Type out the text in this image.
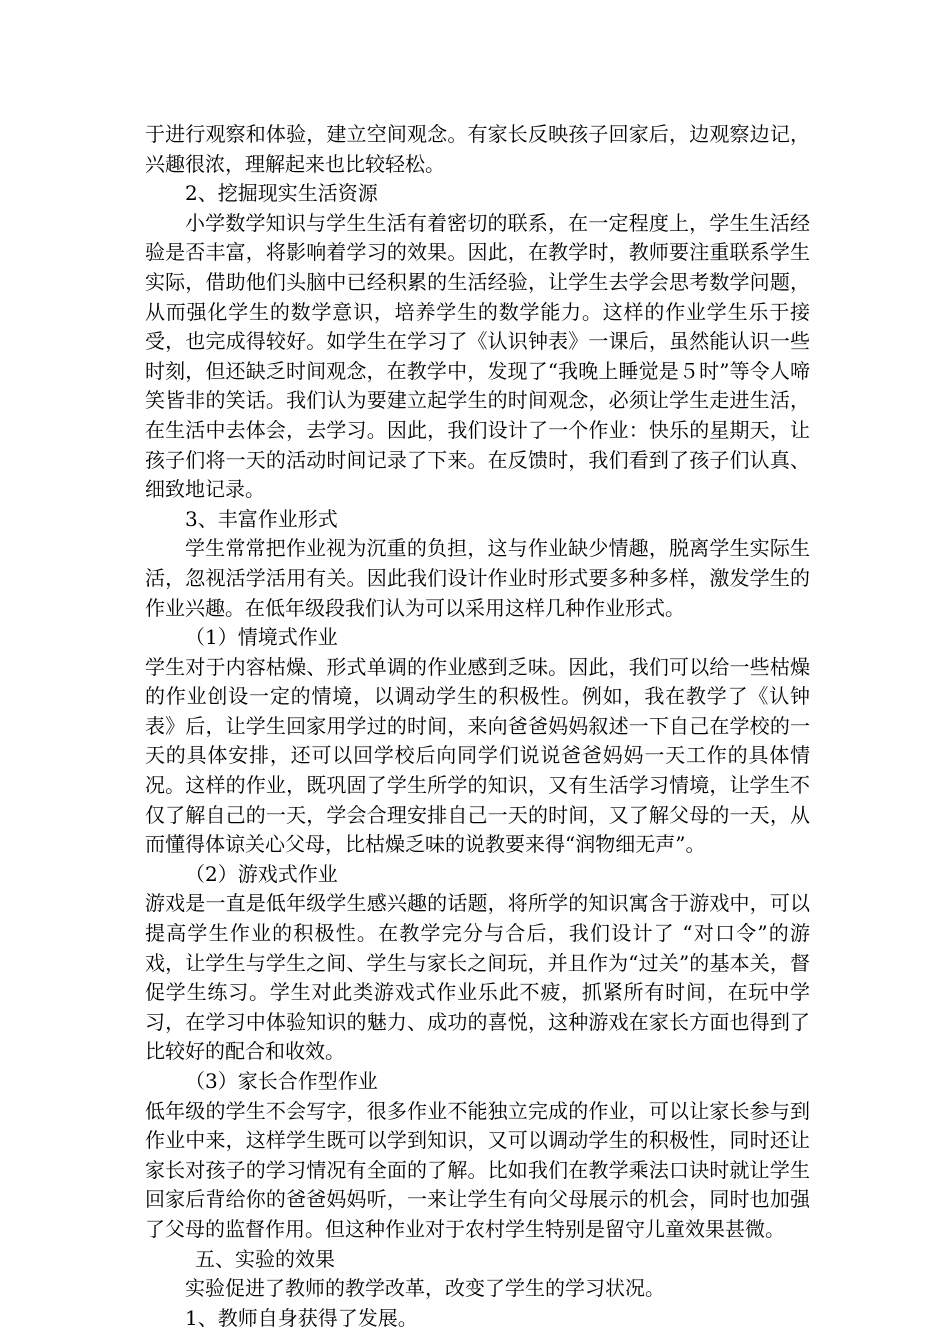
于进行观察和体验，建立空间观念。有家长反映孩子回家后，边观察边记，兴趣很浓，理解起来也比较轻松。

2、挖掘现实生活资源

小学数学知识与学生生活有着密切的联系，在一定程度上，学生生活经验是否丰富，将影响着学习的效果。因此，在教学时，教师要注重联系学生实际，借助他们头脑中已经积累的生活经验，让学生去学会思考数学问题，从而强化学生的数学意识，培养学生的数学能力。这样的作业学生乐于接受，也完成得较好。如学生在学习了《认识钟表》一课后，虽然能认识一些时刻，但还缺乏时间观念，在教学中，发现了“我晚上睡觉是５时”等令人啼笑皆非的笑话。我们认为要建立起学生的时间观念，必须让学生走进生活，在生活中去体会，去学习。因此，我们设计了一个作业：快乐的星期天，让孩子们将一天的活动时间记录了下来。在反馈时，我们看到了孩子们认真、细致地记录。

3、丰富作业形式

学生常常把作业视为沉重的负担，这与作业缺少情趣，脱离学生实际生活，忽视活学活用有关。因此我们设计作业时形式要多种多样，激发学生的作业兴趣。在低年级段我们认为可以采用这样几种作业形式。

（1）情境式作业

学生对于内容枯燥、形式单调的作业感到乏味。因此，我们可以给一些枯燥的作业创设一定的情境，以调动学生的积极性。例如，我在教学了《认钟表》后，让学生回家用学过的时间，来向爸爸妈妈叙述一下自己在学校的一天的具体安排，还可以回学校后向同学们说说爸爸妈妈一天工作的具体情况。这样的作业，既巩固了学生所学的知识，又有生活学习情境，让学生不仅了解自己的一天，学会合理安排自己一天的时间，又了解父母的一天，从而懂得体谅关心父母，比枯燥乏味的说教要来得“润物细无声”。

（2）游戏式作业

游戏是一直是低年级学生感兴趣的话题，将所学的知识寓含于游戏中，可以提高学生作业的积极性。在教学完分与合后，我们设计了 “对口令”的游戏，让学生与学生之间、学生与家长之间玩，并且作为“过关”的基本关，督促学生练习。学生对此类游戏式作业乐此不疲，抓紧所有时间，在玩中学习，在学习中体验知识的魅力、成功的喜悦，这种游戏在家长方面也得到了比较好的配合和收效。

（3）家长合作型作业

低年级的学生不会写字，很多作业不能独立完成的作业，可以让家长参与到作业中来，这样学生既可以学到知识，又可以调动学生的积极性，同时还让家长对孩子的学习情况有全面的了解。比如我们在教学乘法口诀时就让学生回家后背给你的爸爸妈妈听，一来让学生有向父母展示的机会，同时也加强了父母的监督作用。但这种作业对于农村学生特别是留守儿童效果甚微。

五、实验的效果

实验促进了教师的教学改革，改变了学生的学习状况。

1、教师自身获得了发展。
